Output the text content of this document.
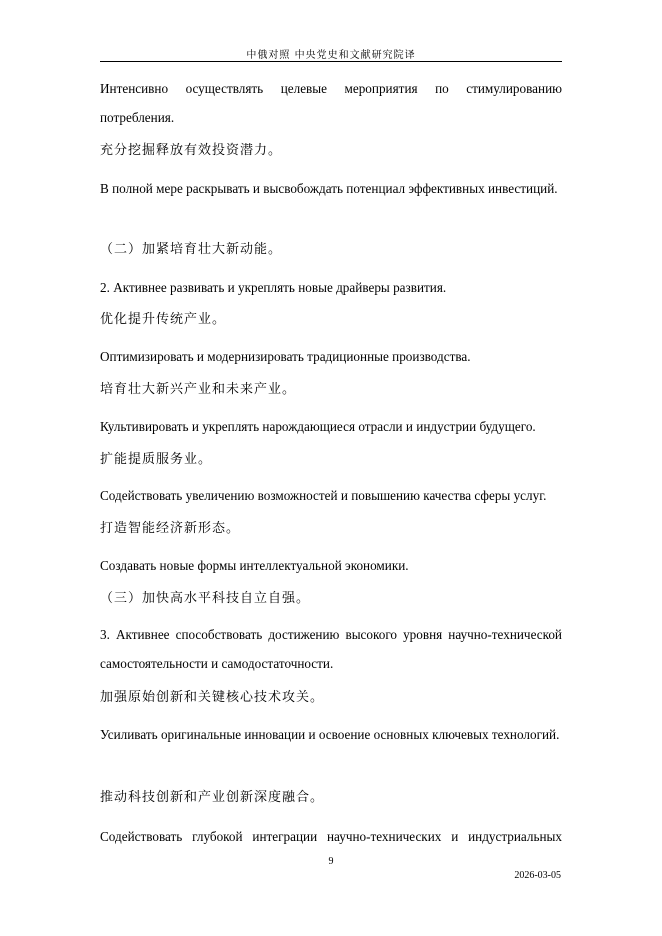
中俄对照 中央党史和文献研究院译
Интенсивно осуществлять целевые мероприятия по стимулированию потребления.
充分挖掘释放有效投资潜力。
В полной мере раскрывать и высвобождать потенциал эффективных инвестиций.
（二）加紧培育壮大新动能。
2. Активнее развивать и укреплять новые драйверы развития.
优化提升传统产业。
Оптимизировать и модернизировать традиционные производства.
培育壮大新兴产业和未来产业。
Культивировать и укреплять нарождающиеся отрасли и индустрии будущего.
扩能提质服务业。
Содействовать увеличению возможностей и повышению качества сферы услуг.
打造智能经济新形态。
Создавать новые формы интеллектуальной экономики.
（三）加快高水平科技自立自强。
3. Активнее способствовать достижению высокого уровня научно-технической самостоятельности и самодостаточности.
加强原始创新和关键核心技术攻关。
Усиливать оригинальные инновации и освоение основных ключевых технологий.
推动科技创新和产业创新深度融合。
Содействовать глубокой интеграции научно-технических и индустриальных
9
2026-03-05
